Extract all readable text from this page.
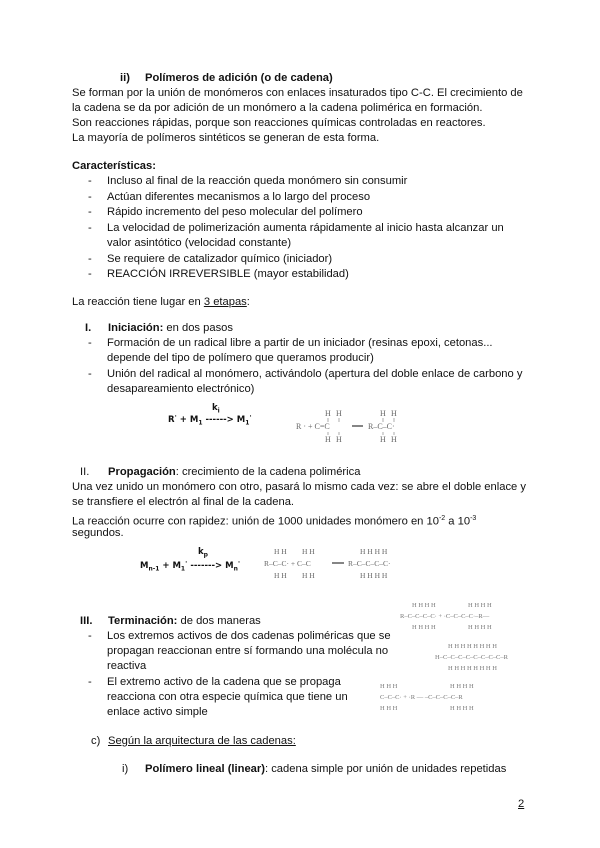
ii) Polímeros de adición (o de cadena)
Se forman por la unión de monómeros con enlaces insaturados tipo C-C. El crecimiento de
la cadena se da por adición de un monómero a la cadena polimérica en formación.
Son reacciones rápidas, porque son reacciones químicas controladas en reactores.
La mayoría de polímeros sintéticos se generan de esta forma.
Características:
- Incluso al final de la reacción queda monómero sin consumir
- Actúan diferentes mecanismos a lo largo del proceso
- Rápido incremento del peso molecular del polímero
- La velocidad de polimerización aumenta rápidamente al inicio hasta alcanzar un
valor asintótico (velocidad constante)
- Se requiere de catalizador químico (iniciador)
- REACCIÓN IRREVERSIBLE (mayor estabilidad)
La reacción tiene lugar en 3 etapas:
I. Iniciación: en dos pasos
- Formación de un radical libre a partir de un iniciador (resinas epoxi, cetonas...
depende del tipo de polímero que queramos producir)
- Unión del radical al monómero, activándolo (apertura del doble enlace de carbono y
desapareamiento electrónico)
$k_i$
$R^\cdot + M_1$ ------> $M_1^\cdot$
R · + C=C
H H
H H
R–C–C·
H H
H H
II. Propagación: crecimiento de la cadena polimérica
Una vez unido un monómero con otro, pasará lo mismo cada vez: se abre el doble enlace y
se transfiere el electrón al final de la cadena.
La reacción ocurre con rapidez: unión de 1000 unidades monómero en $10^{-2}$ a $10^{-3}$
segundos.
$k_p$
$M_{n-1} + M_1^\cdot$ -------> $M_n^\cdot$	R–C–C· + C–C
H H H H
H H H H
R–C–C–C–C·
H H H H
H H H H
III. Terminación: de dos maneras
- Los extremos activos de dos cadenas poliméricas que se
propagan reaccionan entre sí formando una molécula no
reactiva
- El extremo activo de la cadena que se propaga
reacciona con otra especie química que tiene un
enlace activo simple
H H H H	H H H H
R–C–C–C–C· + ·C–C–C–C·–R—
H H H H	H H H H
H H H H H H H H
H–C–C–C–C–C–C–C–C–R
H H H H H H H H
H H H	H H H H
C–C–C· + ·R — –C–C–C–C–R
H H H	H H H H
c) Según la arquitectura de las cadenas:
i) Polímero lineal (linear): cadena simple por unión de unidades repetidas
2
